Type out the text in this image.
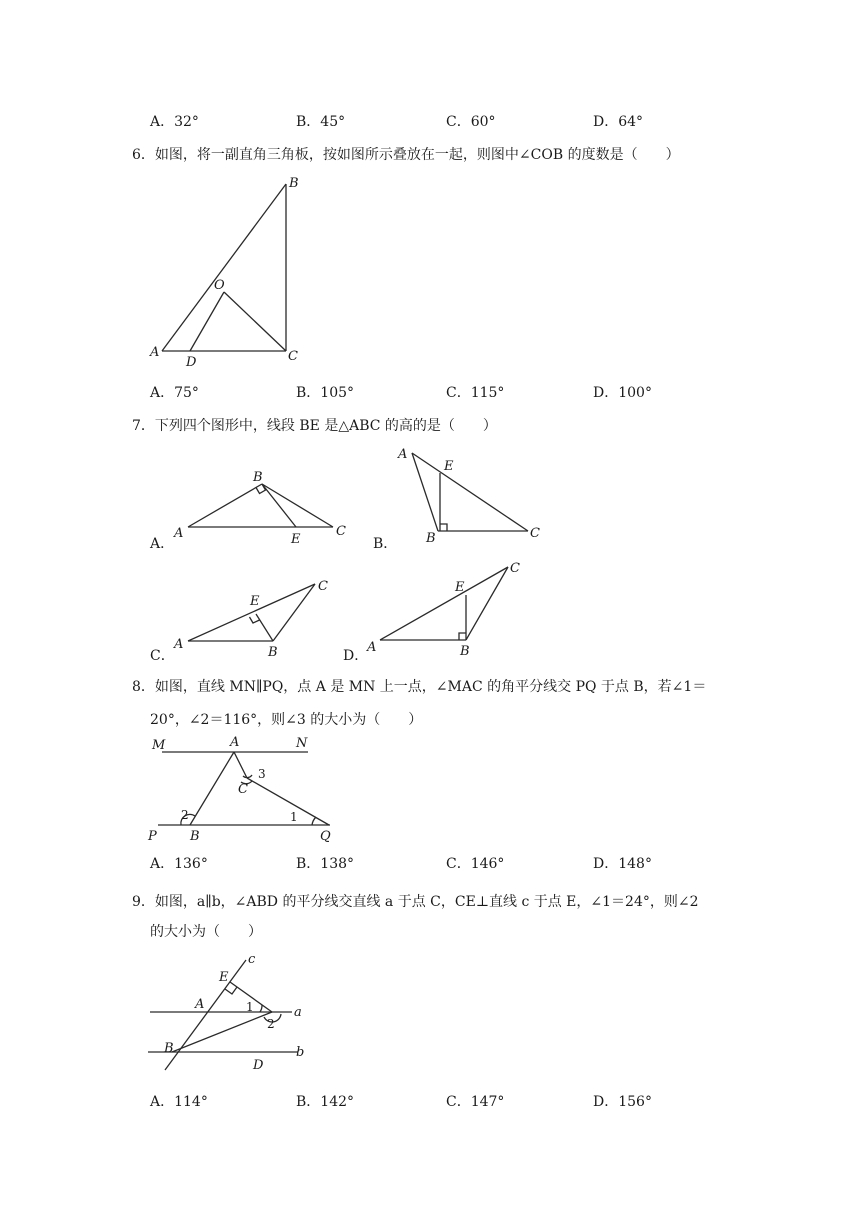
A．32°	B．45°	C．60°	D．64°
6．如图，将一副直角三角板，按如图所示叠放在一起，则图中∠COB 的度数是（　　）
B
O
A
D	C
A．75°	B．105°	C．115°	D．100°
7．下列四个图形中，线段 BE 是△ABC 的高的是（　　）
A．
B
A	E
C
B．
A
E
B	C
C．
C
E
A
B	D．
C
E
A	B
8．如图，直线 MN∥PQ，点 A 是 MN 上一点，∠MAC 的角平分线交 PQ 于点 B，若∠1＝
20°，∠2＝116°，则∠3 的大小为（　　）
M	A	N
C
3
2	1
P	B	Q
A．136°	B．138°	C．146°	D．148°
9．如图，a∥b，∠ABD 的平分线交直线 a 于点 C，CE⊥直线 c 于点 E，∠1＝24°，则∠2
的大小为（　　）
c
E
A	1	a
2
B
D
b
A．114°	B．142°	C．147°	D．156°
